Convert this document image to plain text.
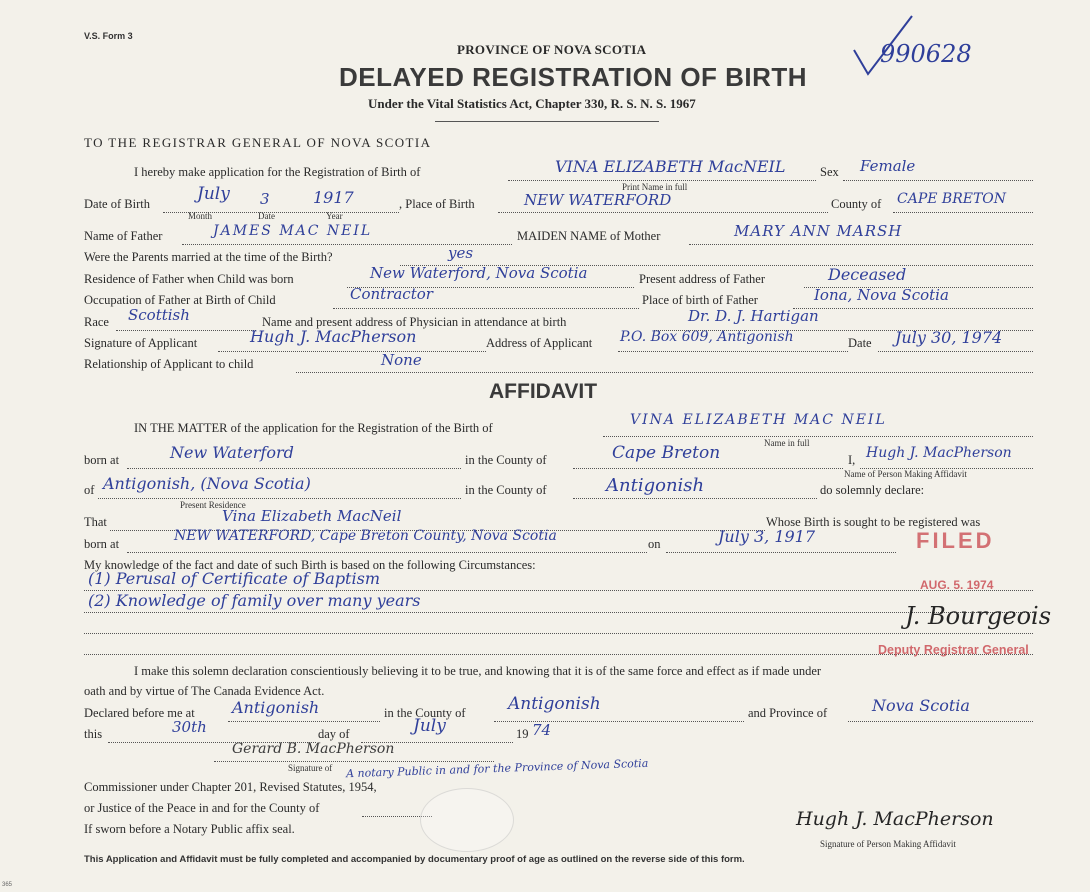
V.S. Form 3
PROVINCE OF NOVA SCOTIA
DELAYED REGISTRATION OF BIRTH
Under the Vital Statistics Act, Chapter 330, R. S. N. S. 1967
990628
TO THE REGISTRAR GENERAL OF NOVA SCOTIA
I hereby make application for the Registration of Birth of	VINA ELIZABETH MacNEIL
Print Name in full
Sex Female
Date of Birth	July 3	1917
Month	Date	Year
, Place of Birth	NEW WATERFORD	County of CAPE BRETON
Name of Father	JAMES MAC NEIL	MAIDEN NAME of Mother	MARY ANN MARSH
Were the Parents married at the time of the Birth?	yes
Residence of Father when Child was born	New Waterford, Nova Scotia	Present address of Father	Deceased
Occupation of Father at Birth of Child	Contractor	Place of birth of Father	Iona, Nova Scotia
Race Scottish	Name and present address of Physician in attendance at birth	Dr. D. J. Hartigan
Signature of Applicant	Hugh J. MacPherson	Address of Applicant P.O. Box 609, Antigonish	Date July 30, 1974
Relationship of Applicant to child	None
AFFIDAVIT
IN THE MATTER of the application for the Registration of the Birth of	VINA ELIZABETH MAC NEIL
Name in full
born at	New Waterford	in the County of	Cape Breton	I, Hugh J. MacPherson
Name of Person Making Affidavit
of Antigonish, (Nova Scotia)
Present Residence
in the County of	Antigonish	do solemnly declare:
That	Vina Elizabeth MacNeil	Whose Birth is sought to be registered was
born at	NEW WATERFORD, Cape Breton County, Nova Scotia	on	July 3, 1917
My knowledge of the fact and date of such Birth is based on the following Circumstances:
(1) Perusal of Certificate of Baptism
(2) Knowledge of family over many years
FILED
AUG. 5. 1974
J. Bourgeois
Deputy Registrar General
I make this solemn declaration conscientiously believing it to be true, and knowing that it is of the same force and effect as if made under
oath and by virtue of The Canada Evidence Act.
Declared before me at Antigonish	in the County of Antigonish	and Province of	Nova Scotia
this	30th	day of	July	19 74
Gerard B. MacPherson
Signature of A notary Public in and for the Province of Nova Scotia
Commissioner under Chapter 201, Revised Statutes, 1954,
or Justice of the Peace in and for the County of
If sworn before a Notary Public affix seal.	Hugh J. MacPherson
Signature of Person Making Affidavit
This Application and Affidavit must be fully completed and accompanied by documentary proof of age as outlined on the reverse side of this form.
365
